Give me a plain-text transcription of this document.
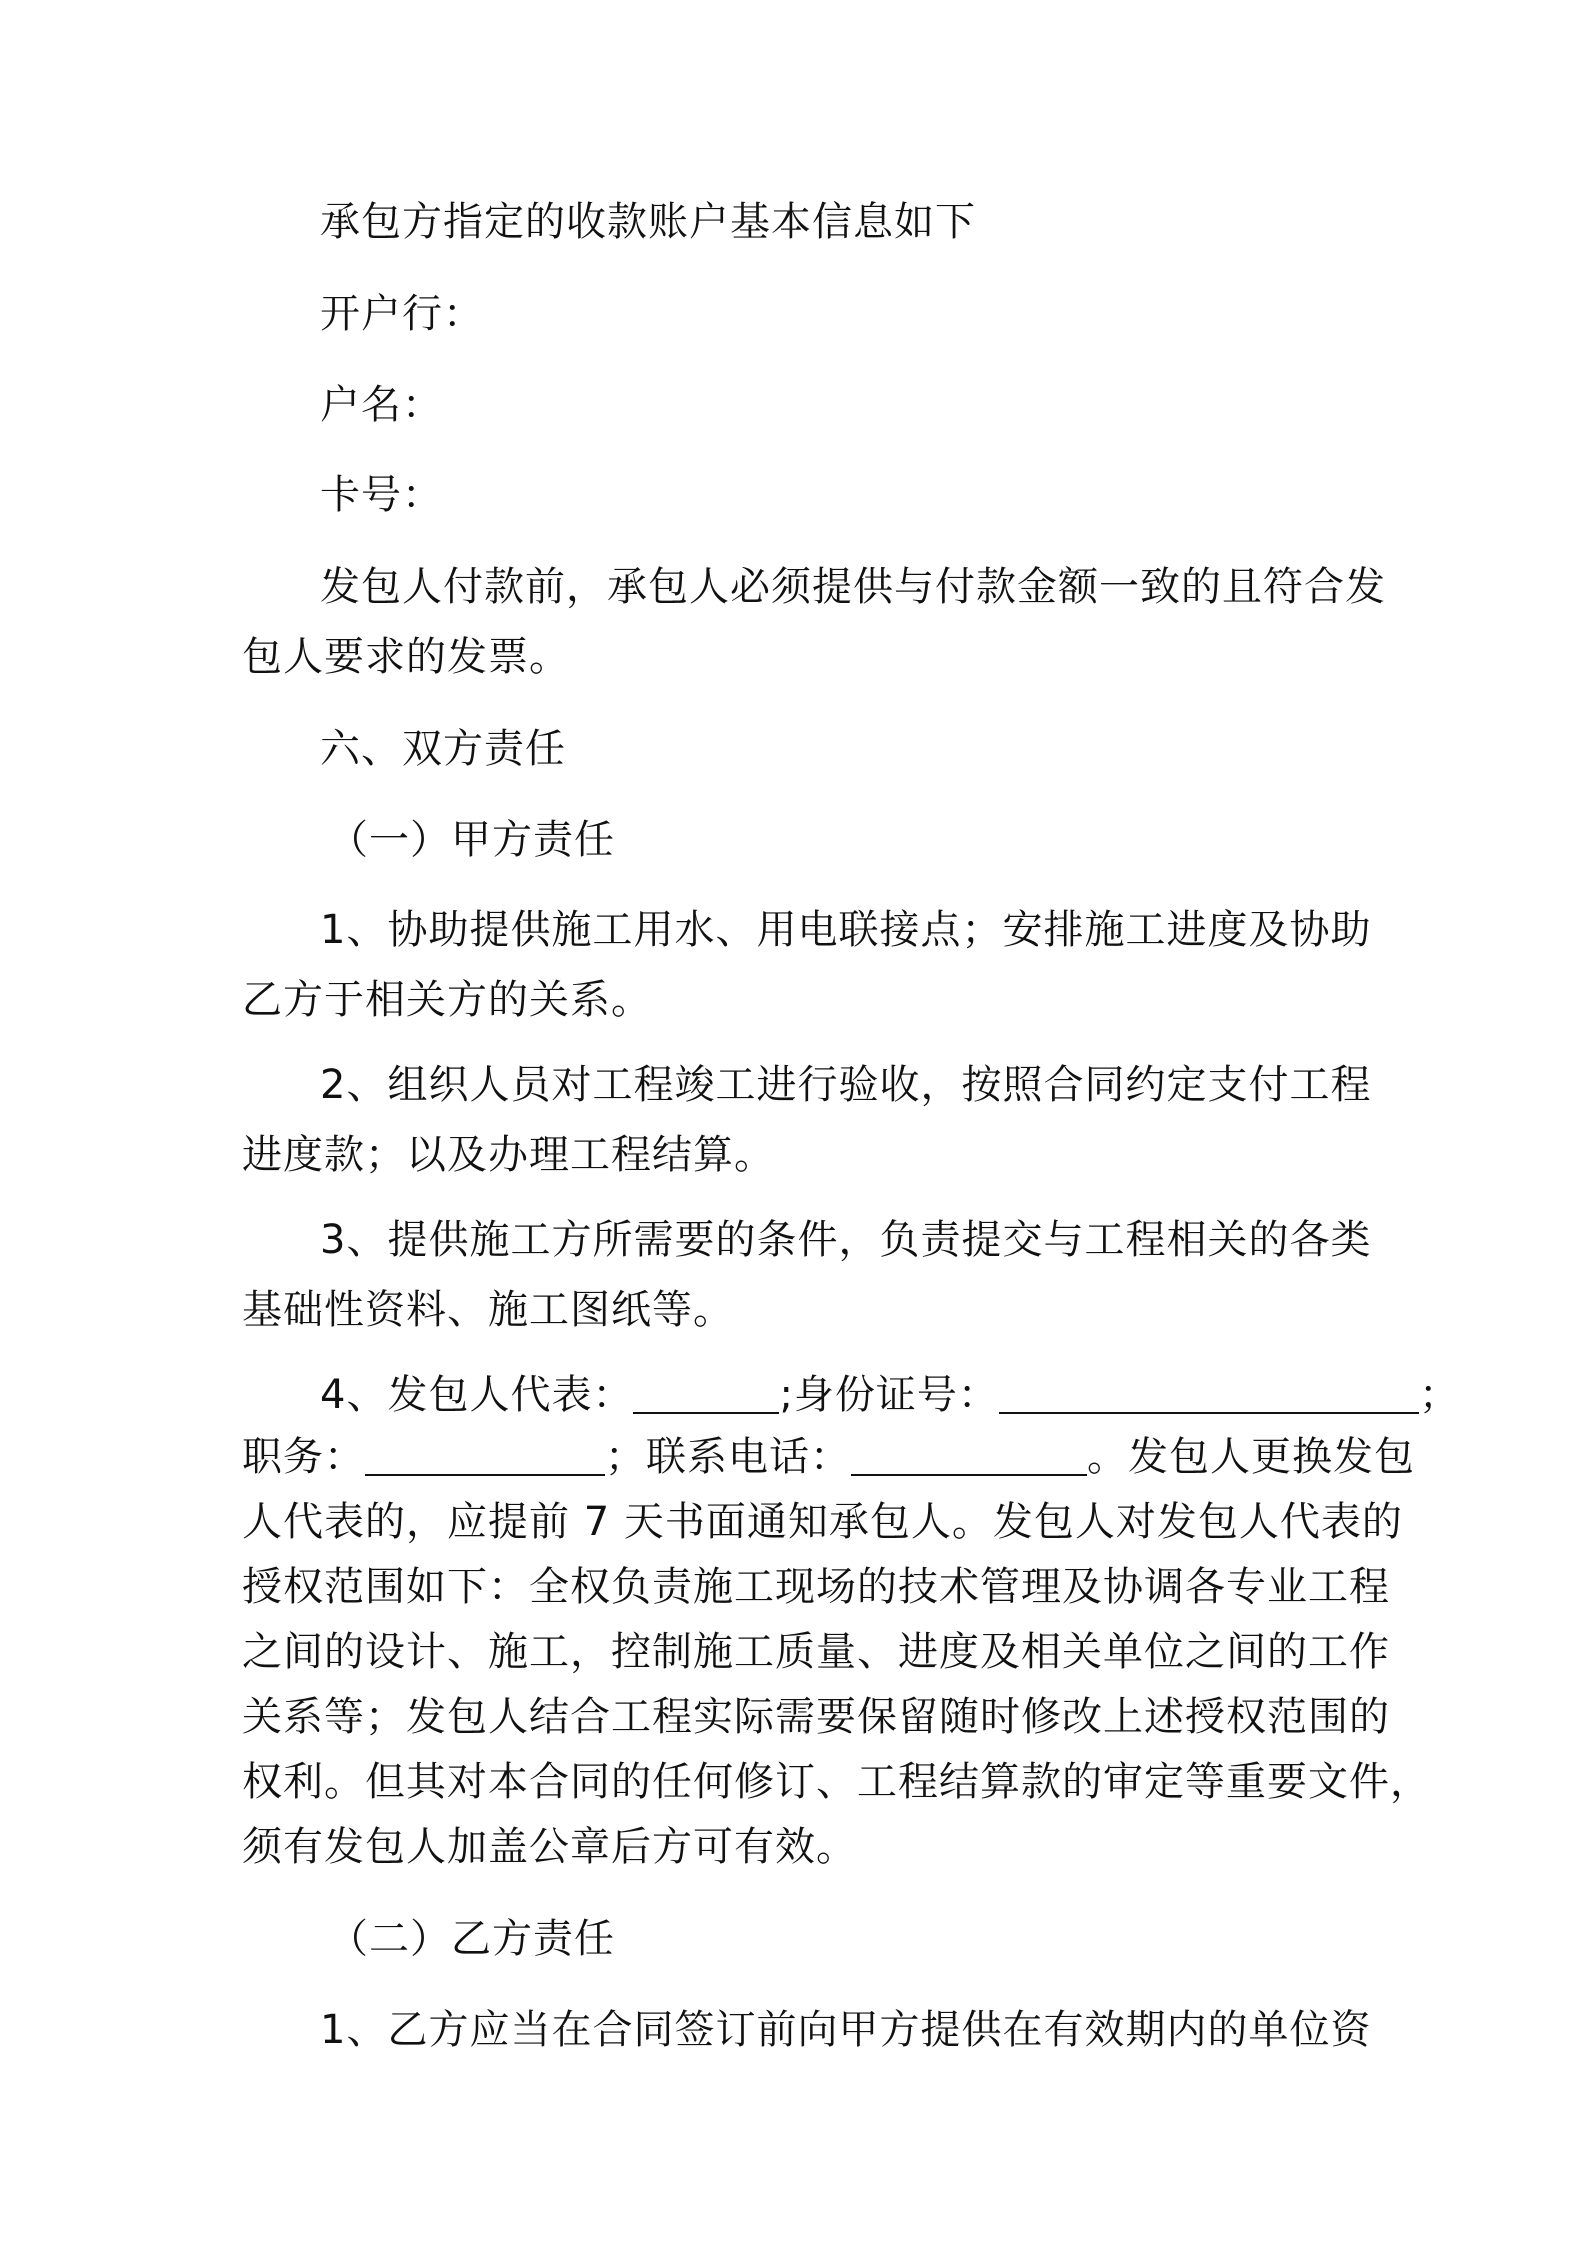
承包方指定的收款账户基本信息如下
开户行：
户名：
卡号：
发包人付款前，承包人必须提供与付款金额一致的且符合发
包人要求的发票。
六、双方责任
（一）甲方责任
1、协助提供施工用水、用电联接点；安排施工进度及协助
乙方于相关方的关系。
2、组织人员对工程竣工进行验收，按照合同约定支付工程
进度款；以及办理工程结算。
3、提供施工方所需要的条件，负责提交与工程相关的各类
基础性资料、施工图纸等。
4、发包人代表：	;身份证号：	；
职务：	；联系电话：	。发包人更换发包
人代表的，应提前 7 天书面通知承包人。发包人对发包人代表的
授权范围如下：全权负责施工现场的技术管理及协调各专业工程
之间的设计、施工，控制施工质量、进度及相关单位之间的工作
关系等；发包人结合工程实际需要保留随时修改上述授权范围的
权利。但其对本合同的任何修订、工程结算款的审定等重要文件，
须有发包人加盖公章后方可有效。
（二）乙方责任
1、乙方应当在合同签订前向甲方提供在有效期内的单位资
